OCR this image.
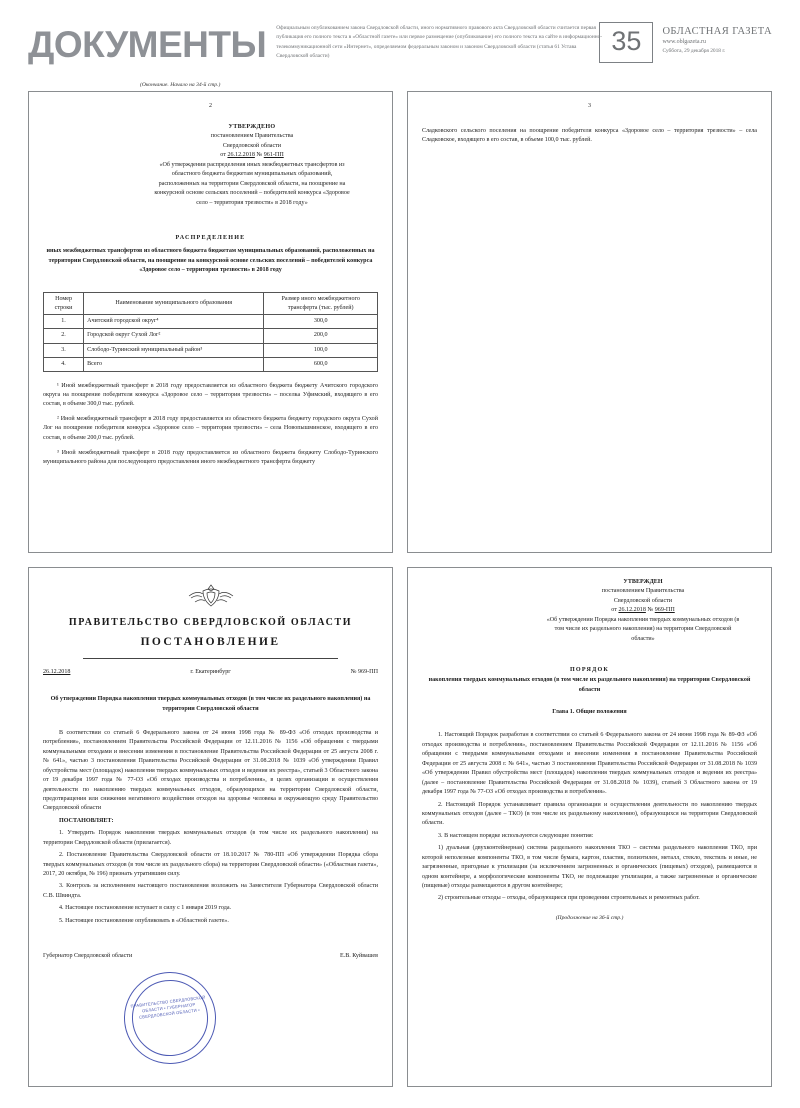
ДОКУМЕНТЫ Официальным опубликованием закона Свердловской области, иного нормативного правового акта Свердловской области считается первая публикация его полного текста в «Областной газете» или первое размещение (опубликование) его полного текста на сайте в информационно-телекоммуникационной сети «Интернет», определяемом федеральным законом и законом Свердловской области (статья 61 Устава Свердловской области)
35	ОБЛАСТНАЯ ГАЗЕТА
www.oblgazeta.ru
Суббота, 29 декабря 2018 г.
(Окончание. Начало на 34-й стр.)
2
УТВЕРЖДЕНО
постановлением Правительства
Свердловской области
от 26.12.2018 № 961-ПП
«Об утверждении распределения иных межбюджетных трансфертов из областного бюджета бюджетам муниципальных образований, расположенных на территории Свердловской области, на поощрение на конкурсной основе сельских поселений – победителей конкурса «Здоровое село – территория трезвости» в 2018 году»
РАСПРЕДЕЛЕНИЕ
иных межбюджетных трансфертов из областного бюджета бюджетам муниципальных образований, расположенных на территории Свердловской области, на поощрение на конкурсной основе сельских поселений – победителей конкурса «Здоровое село – территория трезвости» в 2018 году
Номер строки	Наименование муниципального образования	Размер иного межбюджетного трансферта (тыс. рублей)
1.	Ачитский городской округ⁴	300,0
2.	Городской округ Сухой Лог²	200,0
3.	Слободо-Туринский муниципальный район³	100,0
4.	Всего	600,0

¹ Иной межбюджетный трансферт в 2018 году предоставляется из областного бюджета бюджету Ачитского городского округа на поощрение победителя конкурса «Здоровое село – территория трезвости» – поселка Уфимский, входящего в его состав, в объеме 300,0 тыс. рублей.

² Иной межбюджетный трансферт в 2018 году предоставляется из областного бюджета бюджету городского округа Сухой Лог на поощрение победителя конкурса «Здоровое село – территория трезвости» – села Новопышминское, входящего в его состав, в объеме 200,0 тыс. рублей.

³ Иной межбюджетный трансферт в 2018 году предоставляется из областного бюджета бюджету Слободо-Туринского муниципального района для последующего предоставления иного межбюджетного трансферта бюджету

3
Сладковского сельского поселения на поощрение победителя конкурса «Здоровое село – территория трезвости» – села Сладковское, входящего в его состав, в объеме 100,0 тыс. рублей.
ПРАВИТЕЛЬСТВО СВЕРДЛОВСКОЙ ОБЛАСТИ
ПОСТАНОВЛЕНИЕ
26.12.2018	г. Екатеринбург	№ 969-ПП
Об утверждении Порядка накопления твердых коммунальных отходов (в том числе их раздельного накопления) на территории Свердловской области

В соответствии со статьей 6 Федерального закона от 24 июня 1998 года № 89-ФЗ «Об отходах производства и потребления», постановлением Правительства Российской Федерации от 12.11.2016 № 1156 «Об обращении с твердыми коммунальными отходами и внесении изменения в постановление Правительства Российской Федерации от 25 августа 2008 г. № 641», частью 3 постановления Правительства Российской Федерации от 31.08.2018 № 1039 «Об утверждении Правил обустройства мест (площадок) накопления твердых коммунальных отходов и ведения их реестра», статьей 3 Областного закона от 19 декабря 1997 года № 77-ОЗ «Об отходах производства и потребления», в целях организации и осуществления деятельности по накоплению твердых коммунальных отходов, образующихся на территории Свердловской области, предотвращения или снижения негативного воздействия отходов на здоровье человека и окружающую среду Правительство Свердловской области

ПОСТАНОВЛЯЕТ:

1. Утвердить Порядок накопления твердых коммунальных отходов (в том числе их раздельного накопления) на территории Свердловской области (прилагается).

2. Постановление Правительства Свердловской области от 18.10.2017 № 780-ПП «Об утверждении Порядка сбора твердых коммунальных отходов (в том числе их раздельного сбора) на территории Свердловской области» («Областная газета», 2017, 20 октября, № 196) признать утратившим силу.

3. Контроль за исполнением настоящего постановления возложить на Заместителя Губернатора Свердловской области С.В. Швиндта.

4. Настоящее постановление вступает в силу с 1 января 2019 года.

5. Настоящее постановление опубликовать в «Областной газете».

Губернатор Свердловской области	Е.В. Куйвашев
ПРАВИТЕЛЬСТВО СВЕРДЛОВСКОЙ ОБЛАСТИ • ГУБЕРНАТОР СВЕРДЛОВСКОЙ ОБЛАСТИ •
УТВЕРЖДЕН
постановлением Правительства
Свердловской области
от 26.12.2018 № 969-ПП
«Об утверждении Порядка накопления твердых коммунальных отходов (в том числе их раздельного накопления) на территории Свердловской области»
ПОРЯДОК
накопления твердых коммунальных отходов (в том числе их раздельного накопления) на территории Свердловской области
Глава 1. Общие положения

1. Настоящий Порядок разработан в соответствии со статьей 6 Федерального закона от 24 июня 1998 года № 89-ФЗ «Об отходах производства и потребления», постановлением Правительства Российской Федерации от 12.11.2016 № 1156 «Об обращении с твердыми коммунальными отходами и внесении изменения в постановление Правительства Российской Федерации от 25 августа 2008 г. № 641», частью 3 постановления Правительства Российской Федерации от 31.08.2018 № 1039 «Об утверждении Правил обустройства мест (площадок) накопления твердых коммунальных отходов и ведения их реестра» (далее – постановление Правительства Российской Федерации от 31.08.2018 № 1039), статьей 3 Областного закона от 19 декабря 1997 года № 77-ОЗ «Об отходах производства и потребления».

2. Настоящий Порядок устанавливает правила организации и осуществления деятельности по накоплению твердых коммунальных отходов (далее – ТКО) (в том числе их раздельному накоплению), образующихся на территории Свердловской области.

3. В настоящем порядке используются следующие понятия:

1) дуальная (двухконтейнерная) система раздельного накопления ТКО – система раздельного накопления ТКО, при которой неполезные компоненты ТКО, в том числе бумага, картон, пластик, полиэтилен, металл, стекло, текстиль и иные, не загрязненные, пригодные к утилизации (за исключением загрязненных и органических (пищевых) отходов), размещаются в одном контейнере, а морфологические компоненты ТКО, не подлежащие утилизации, а также загрязненные и органические (пищевые) отходы размещаются в другом контейнере;

2) строительные отходы – отходы, образующиеся при проведении строительных и ремонтных работ.

(Продолжение на 36-й стр.)
